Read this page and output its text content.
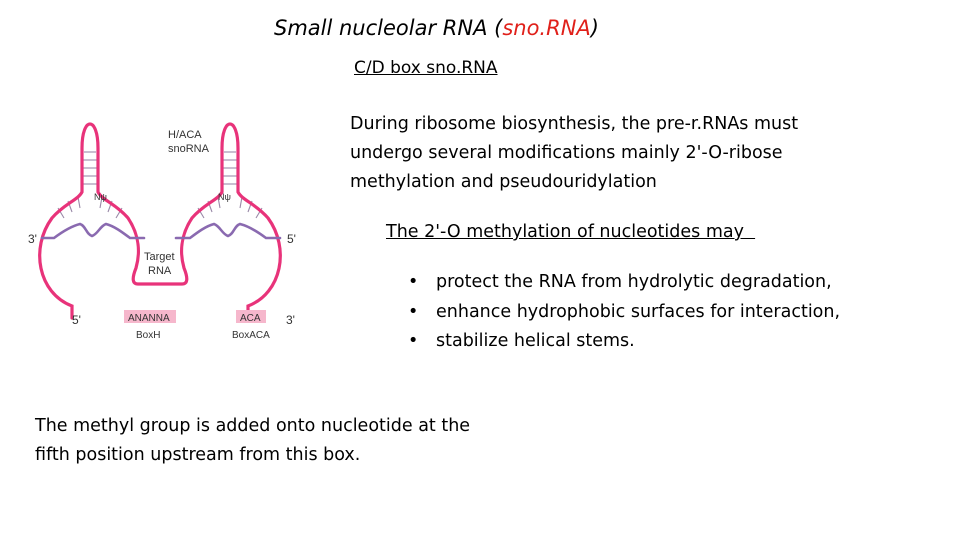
Small nucleolar RNA (sno.RNA)
C/D box sno.RNA
During ribosome biosynthesis, the pre-r.RNAs must undergo several modifications mainly 2'-O-ribose methylation and pseudouridylation
The 2'-O methylation of nucleotides may
•	protect the RNA from hydrolytic degradation,
•	enhance hydrophobic surfaces for interaction,
•	stabilize helical stems.
The methyl group is added onto nucleotide at the fifth position upstream from this box.
H/ACA
snoRNA
Nψ	Nψ
3'	5'
Target
RNA
5'	ANANNA	ACA 3'
BoxH	BoxACA
